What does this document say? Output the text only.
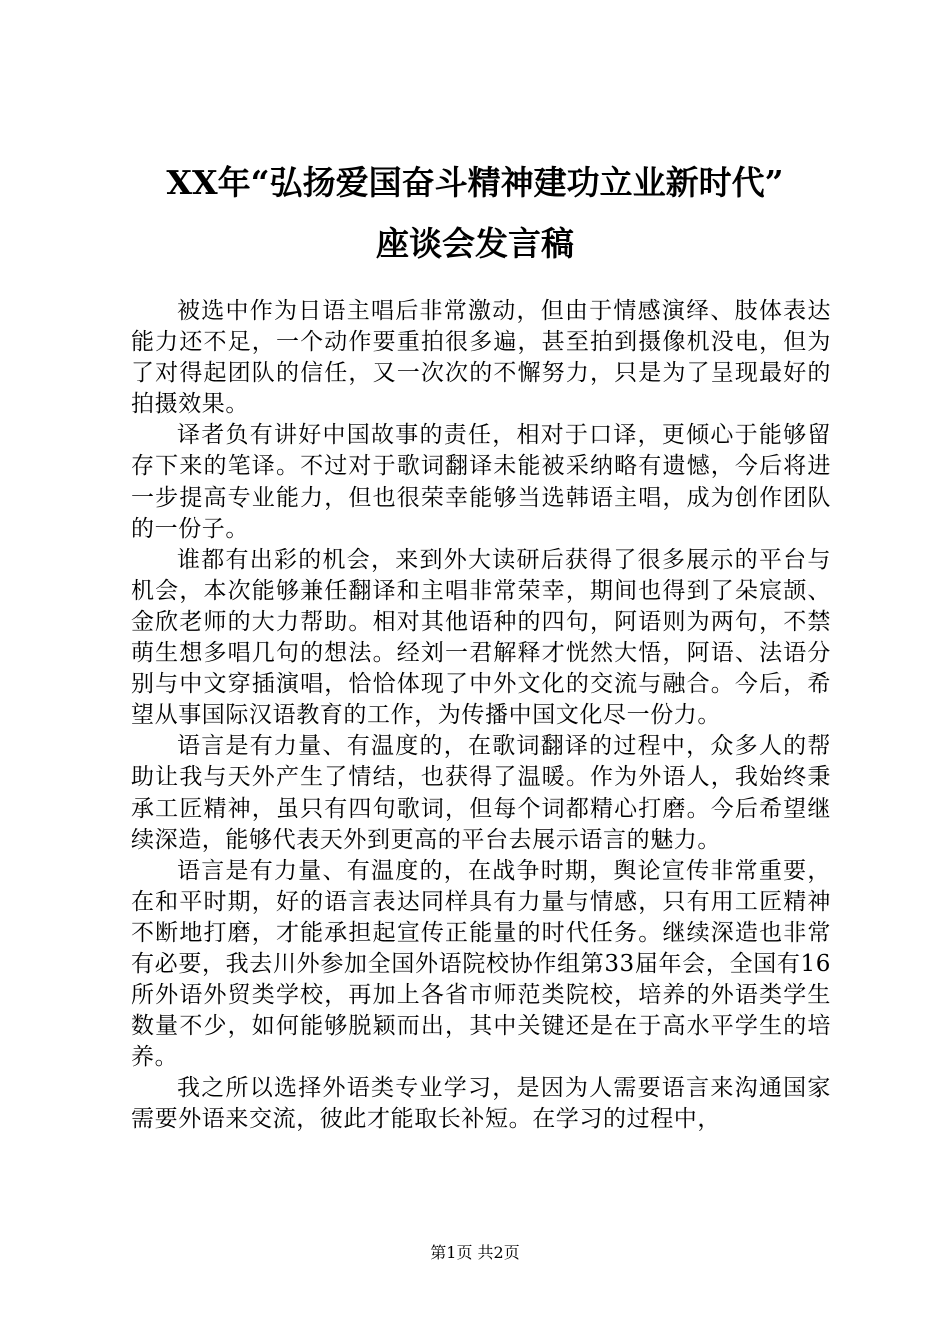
XX年“弘扬爱国奋斗精神建功立业新时代”
座谈会发言稿

被选中作为日语主唱后非常激动，但由于情感演绎、肢体表达能力还不足，一个动作要重拍很多遍，甚至拍到摄像机没电，但为了对得起团队的信任，又一次次的不懈努力，只是为了呈现最好的拍摄效果。

译者负有讲好中国故事的责任，相对于口译，更倾心于能够留存下来的笔译。不过对于歌词翻译未能被采纳略有遗憾，今后将进一步提高专业能力，但也很荣幸能够当选韩语主唱，成为创作团队的一份子。

谁都有出彩的机会，来到外大读研后获得了很多展示的平台与机会，本次能够兼任翻译和主唱非常荣幸，期间也得到了朵宸颉、金欣老师的大力帮助。相对其他语种的四句，阿语则为两句，不禁萌生想多唱几句的想法。经刘一君解释才恍然大悟，阿语、法语分别与中文穿插演唱，恰恰体现了中外文化的交流与融合。今后，希望从事国际汉语教育的工作，为传播中国文化尽一份力。

语言是有力量、有温度的，在歌词翻译的过程中，众多人的帮助让我与天外产生了情结，也获得了温暖。作为外语人，我始终秉承工匠精神，虽只有四句歌词，但每个词都精心打磨。今后希望继续深造，能够代表天外到更高的平台去展示语言的魅力。

语言是有力量、有温度的，在战争时期，舆论宣传非常重要，在和平时期，好的语言表达同样具有力量与情感，只有用工匠精神不断地打磨，才能承担起宣传正能量的时代任务。继续深造也非常有必要，我去川外参加全国外语院校协作组第33届年会，全国有16所外语外贸类学校，再加上各省市师范类院校，培养的外语类学生数量不少，如何能够脱颖而出，其中关键还是在于高水平学生的培养。

我之所以选择外语类专业学习，是因为人需要语言来沟通国家需要外语来交流，彼此才能取长补短。在学习的过程中，

第1页 共2页
